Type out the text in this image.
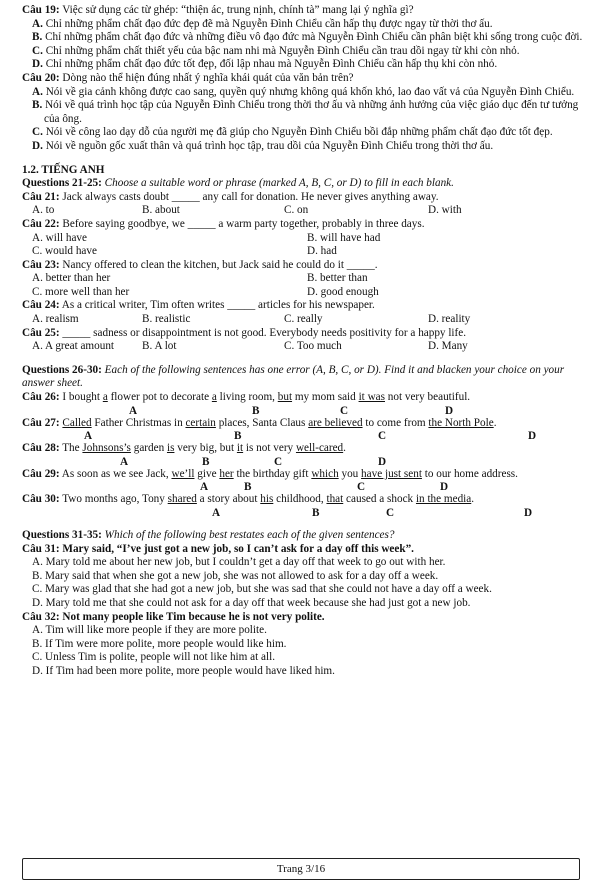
Câu 19: Việc sử dụng các từ ghép: “thiện ác, trung nịnh, chính tà” mang lại ý nghĩa gì?
A. Chỉ những phẩm chất đạo đức đẹp đẽ mà Nguyễn Đình Chiểu cần hấp thụ được ngay từ thời thơ ấu.
B. Chỉ những phẩm chất đạo đức và những điều vô đạo đức mà Nguyễn Đình Chiểu cần phân biệt khi sống trong cuộc đời.
C. Chỉ những phẩm chất thiết yếu của bậc nam nhi mà Nguyễn Đình Chiểu cần trau dồi ngay từ khi còn nhỏ.
D. Chỉ những phẩm chất đạo đức tốt đẹp, đối lập nhau mà Nguyễn Đình Chiểu cần hấp thụ khi còn nhỏ.
Câu 20: Dòng nào thể hiện đúng nhất ý nghĩa khái quát của văn bản trên?
A. Nói về gia cảnh không được cao sang, quyền quý nhưng không quá khốn khó, lao đao vất vả của Nguyễn Đình Chiểu.
B. Nói về quá trình học tập của Nguyễn Đình Chiểu trong thời thơ ấu và những ảnh hưởng của việc giáo dục đến tư tưởng của ông.
C. Nói về công lao dạy dỗ của người mẹ đã giúp cho Nguyễn Đình Chiểu bồi đắp những phẩm chất đạo đức tốt đẹp.
D. Nói về nguồn gốc xuất thân và quá trình học tập, trau dồi của Nguyễn Đình Chiểu trong thời thơ ấu.
1.2. TIẾNG ANH
Questions 21-25: Choose a suitable word or phrase (marked A, B, C, or D) to fill in each blank.
Câu 21: Jack always casts doubt _____ any call for donation. He never gives anything away.
A. to	B. about	C. on	D. with
Câu 22: Before saying goodbye, we _____ a warm party together, probably in three days.
A. will have	B. will have had
C. would have	D. had
Câu 23: Nancy offered to clean the kitchen, but Jack said he could do it _____.
A. better than her	B. better than
C. more well than her	D. good enough
Câu 24: As a critical writer, Tim often writes _____ articles for his newspaper.
A. realism	B. realistic	C. really	D. reality
Câu 25: _____ sadness or disappointment is not good. Everybody needs positivity for a happy life.
A. A great amount	B. A lot	C. Too much	D. Many
Questions 26-30: Each of the following sentences has one error (A, B, C, or D). Find it and blacken your choice on your answer sheet.
Câu 26: I bought a flower pot to decorate a living room, but my mom said it was not very beautiful.
A	B	C	D
Câu 27: Called Father Christmas in certain places, Santa Claus are believed to come from the North Pole.
A	B	C	D
Câu 28: The Johnsons’s garden is very big, but it is not very well-cared.
A	B	C	D
Câu 29: As soon as we see Jack, we’ll give her the birthday gift which you have just sent to our home address.
A	B	C	D
Câu 30: Two months ago, Tony shared a story about his childhood, that caused a shock in the media.
A	B	C	D
Questions 31-35: Which of the following best restates each of the given sentences?
Câu 31: Mary said, “I’ve just got a new job, so I can’t ask for a day off this week”.
A. Mary told me about her new job, but I couldn’t get a day off that week to go out with her.
B. Mary said that when she got a new job, she was not allowed to ask for a day off a week.
C. Mary was glad that she had got a new job, but she was sad that she could not have a day off a week.
D. Mary told me that she could not ask for a day off that week because she had just got a new job.
Câu 32: Not many people like Tim because he is not very polite.
A. Tim will like more people if they are more polite.
B. If Tim were more polite, more people would like him.
C. Unless Tim is polite, people will not like him at all.
D. If Tim had been more polite, more people would have liked him.
Trang 3/16
